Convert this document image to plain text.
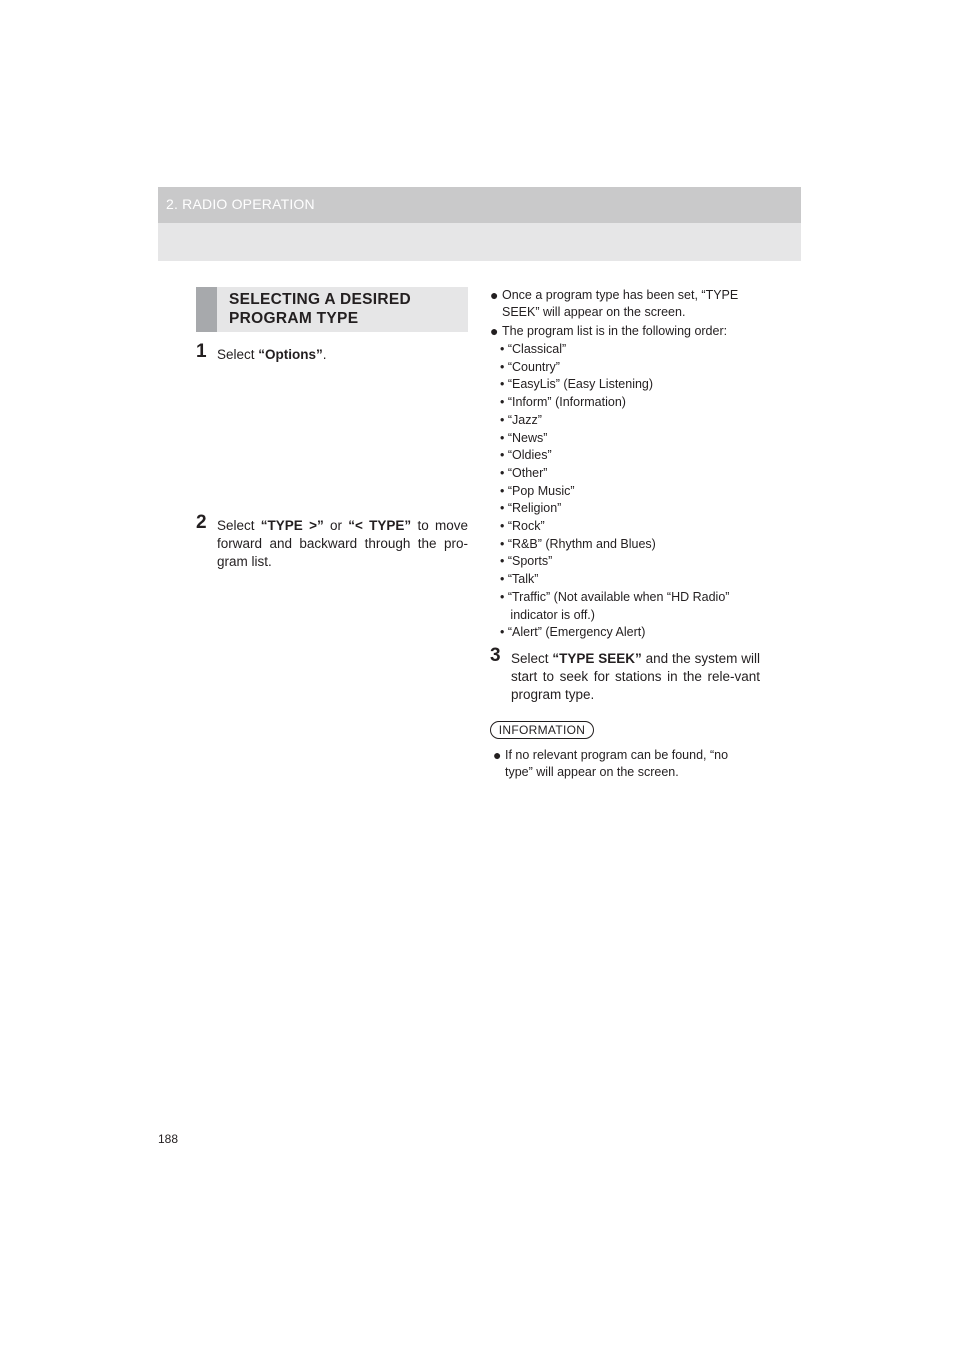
2. RADIO OPERATION
SELECTING A DESIRED PROGRAM TYPE
1 Select “Options”.
2 Select “TYPE >” or “< TYPE” to move forward and backward through the pro-gram list.
● Once a program type has been set, “TYPE SEEK” will appear on the screen.
● The program list is in the following order:
• “Classical”
• “Country”
• “EasyLis” (Easy Listening)
• “Inform” (Information)
• “Jazz”
• “News”
• “Oldies”
• “Other”
• “Pop Music”
• “Religion”
• “Rock”
• “R&B” (Rhythm and Blues)
• “Sports”
• “Talk”
• “Traffic” (Not available when “HD Radio”
indicator is off.)
• “Alert” (Emergency Alert)
3 Select “TYPE SEEK” and the system will start to seek for stations in the rele-vant program type.
INFORMATION
● If no relevant program can be found, “no type” will appear on the screen.
188
